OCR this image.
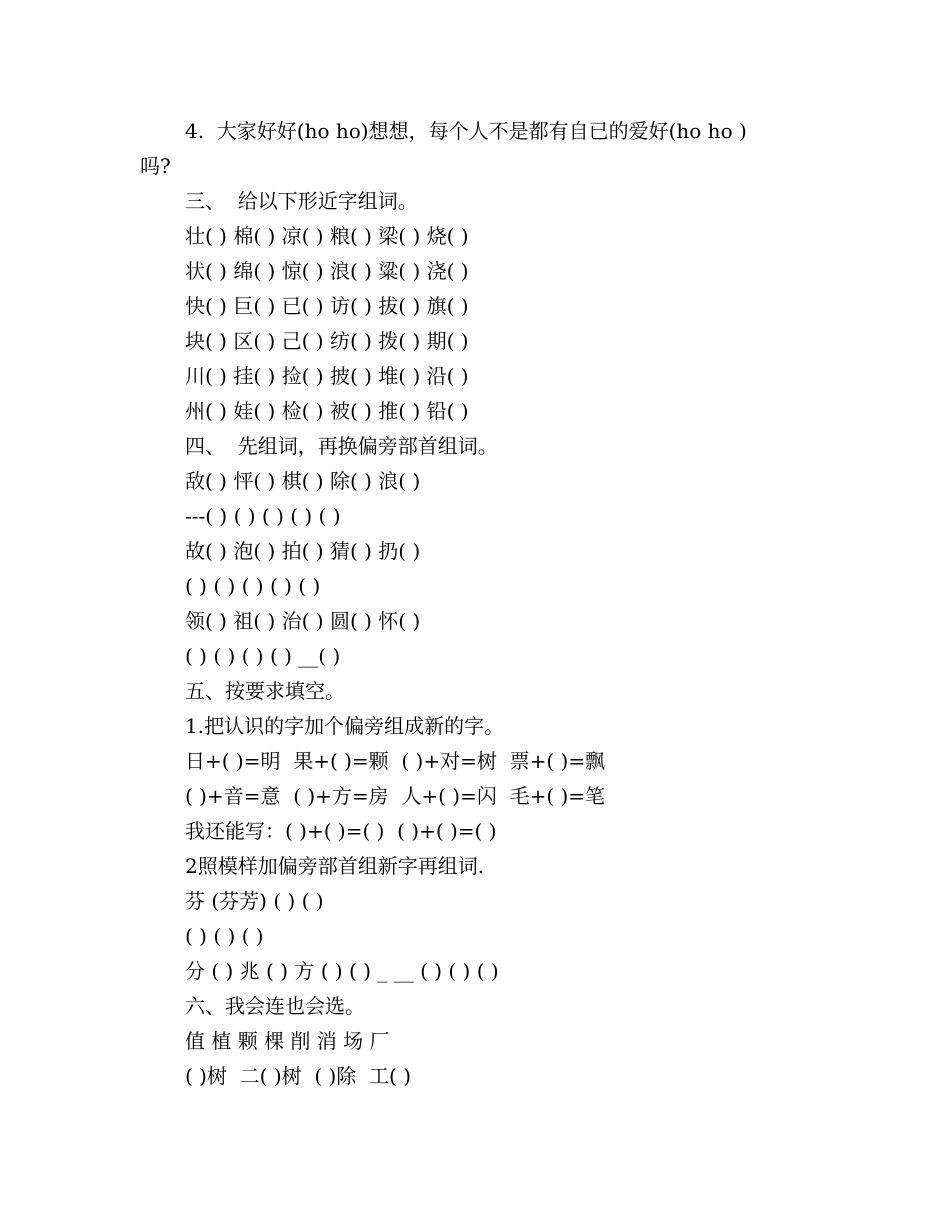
4.  大家好好(ho ho)想想，每个人不是都有自已的爱好(ho ho )
吗?
三、  给以下形近字组词。
壮( ) 棉( ) 凉( ) 粮( ) 梁( ) 烧( )
状( ) 绵( ) 惊( ) 浪( ) 粱( ) 浇( )
快( ) 巨( ) 已( ) 访( ) 拔( ) 旗( )
块( ) 区( ) 己( ) 纺( ) 拨( ) 期( )
川( ) 挂( ) 捡( ) 披( ) 堆( ) 沿( )
州( ) 娃( ) 检( ) 被( ) 推( ) 铅( )
四、  先组词，再换偏旁部首组词。
敌( ) 怦( ) 棋( ) 除( ) 浪( )
---( ) ( ) ( ) ( ) ( )
故( ) 泡( ) 拍( ) 猜( ) 扔( )
( ) ( ) ( ) ( ) ( )
领( ) 祖( ) 治( ) 圆( ) 怀( )
( ) ( ) ( ) ( ) __( )
五、按要求填空。
1.把认识的字加个偏旁组成新的字。
日+( )=明  果+( )=颗  ( )+对=树  票+( )=飘
( )+音=意  ( )+方=房  人+( )=闪  毛+( )=笔
我还能写：( )+( )=( )  ( )+( )=( )
2照模样加偏旁部首组新字再组词.
芬 (芬芳) ( ) ( )
( ) ( ) ( )
分 ( ) 兆 ( ) 方 ( ) ( ) _ __ ( ) ( ) ( )
六、我会连也会选。
值 植 颗 棵 削 消 场 厂
( )树  二( )树  ( )除  工( )
